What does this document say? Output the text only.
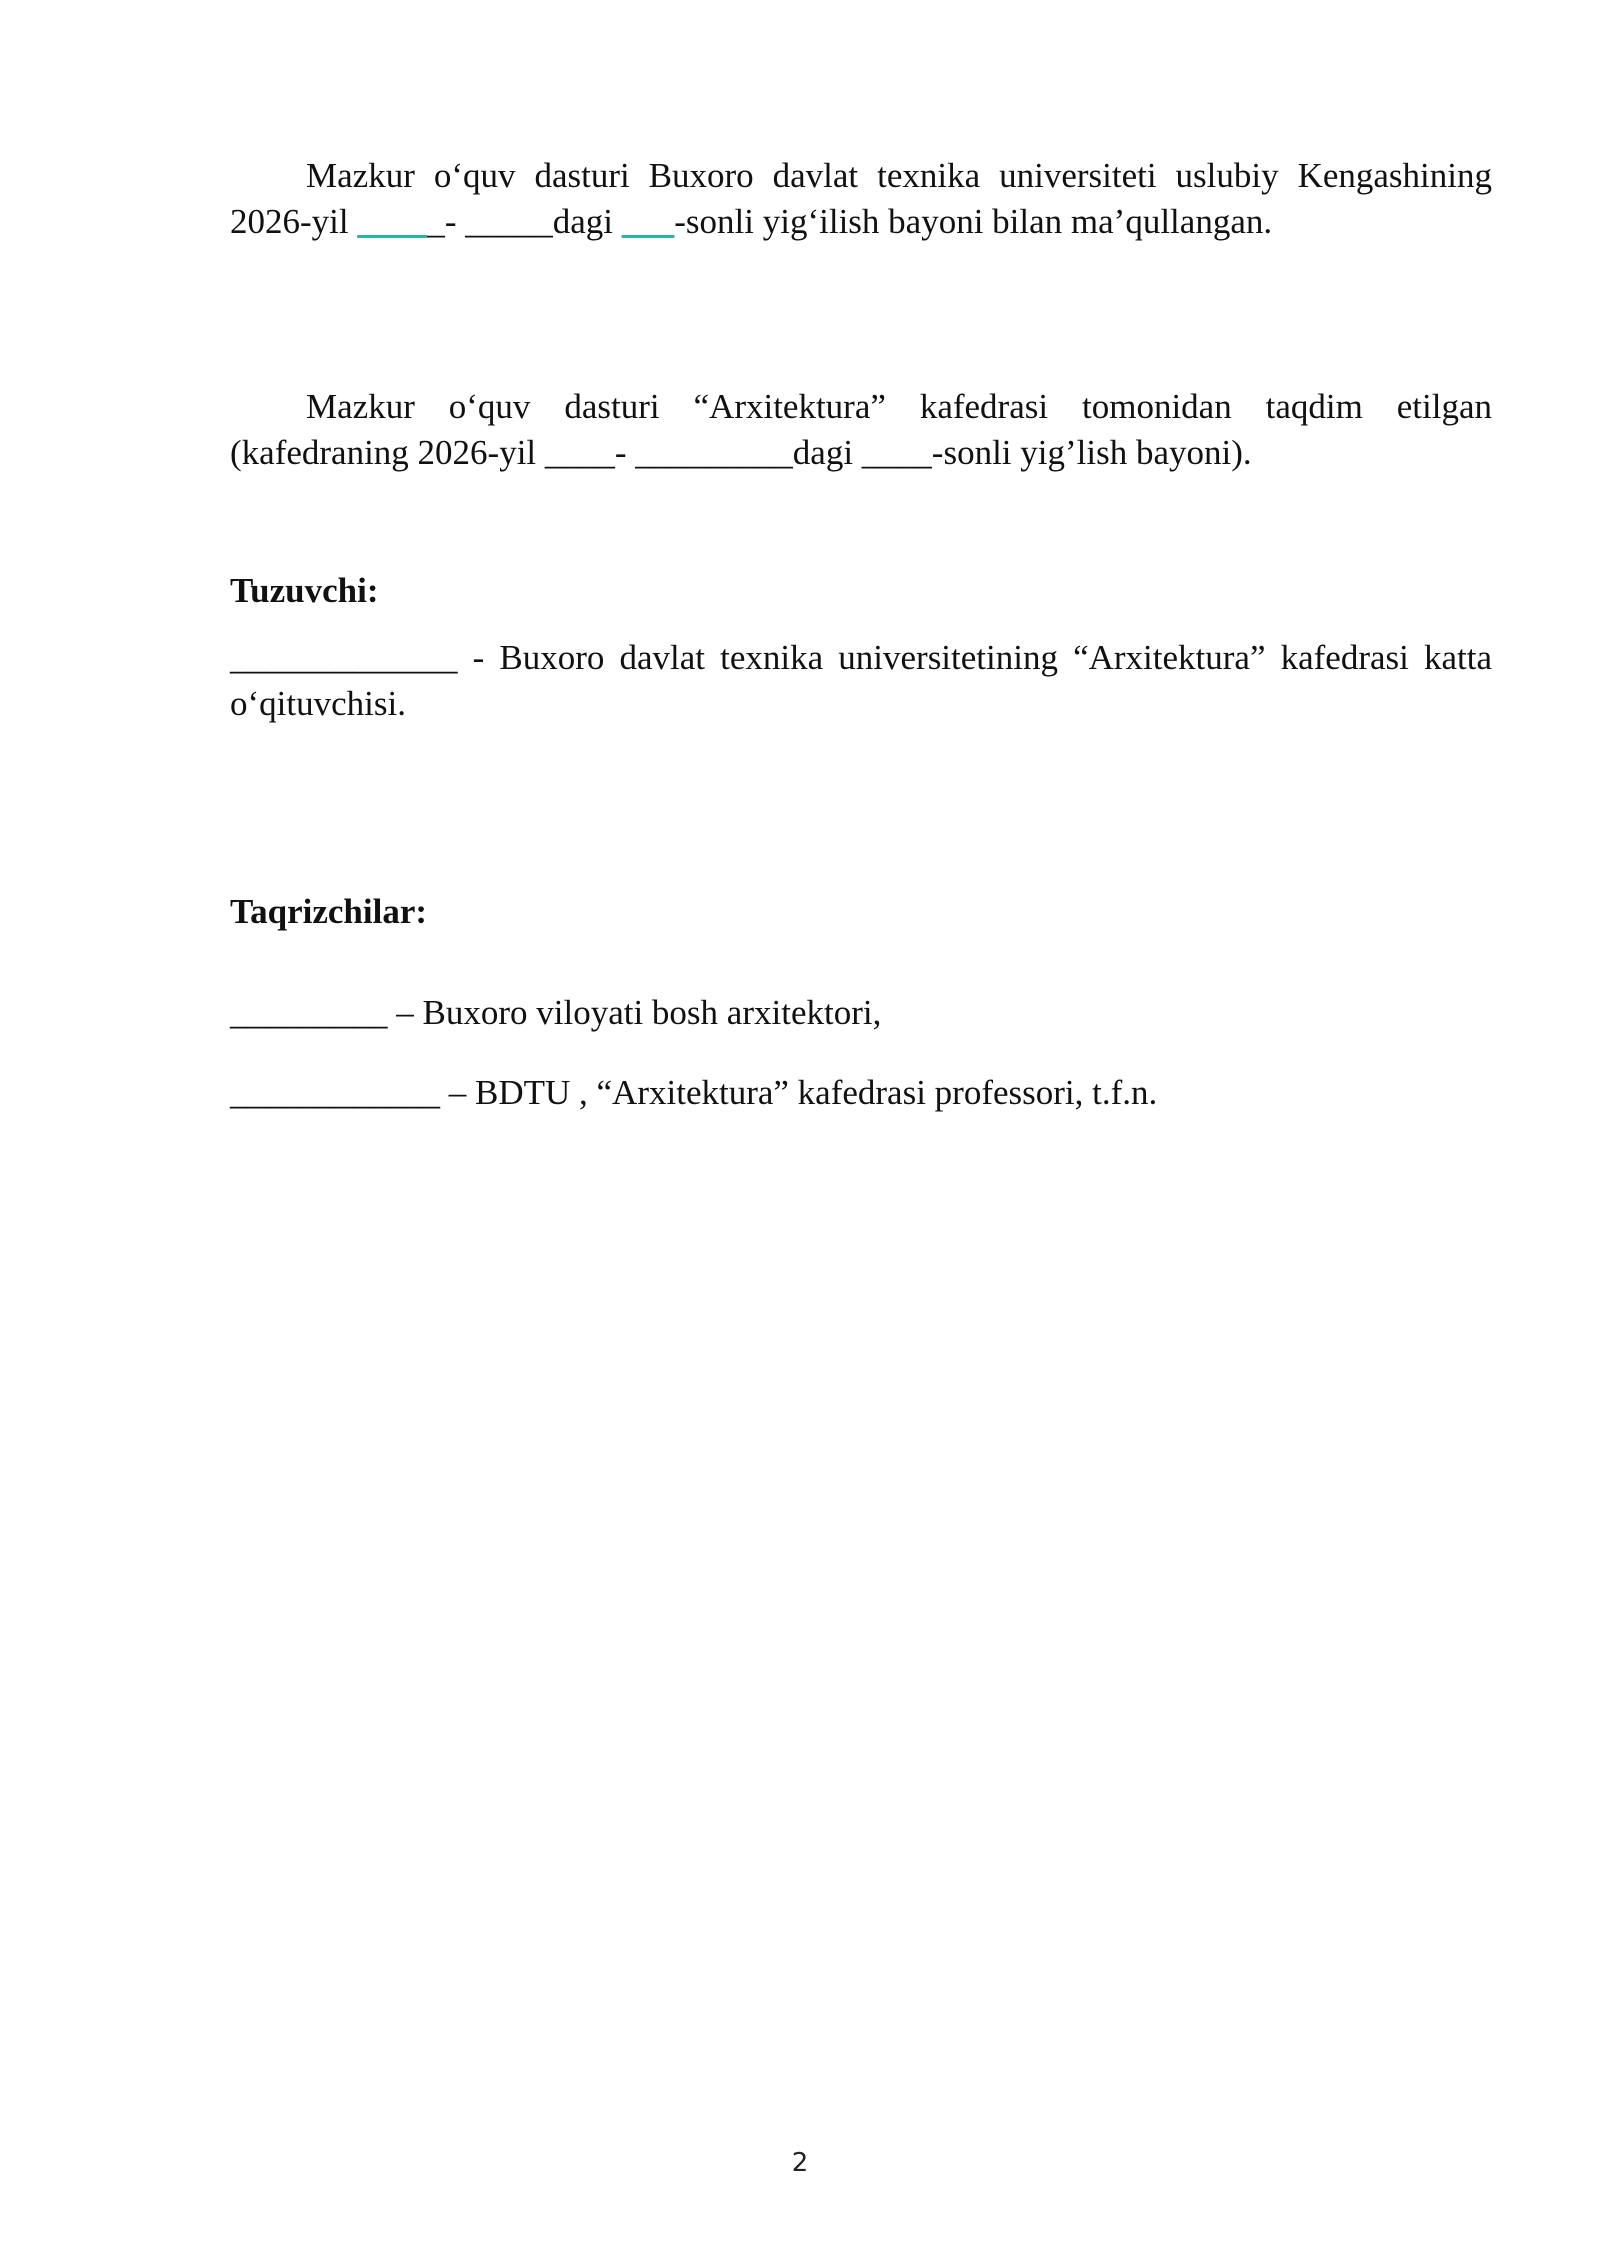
Mazkur o‘quv dasturi Buxoro davlat texnika universiteti uslubiy Kengashining 2026-yil _____- _____dagi ___-sonli yig‘ilish bayoni bilan ma’qullangan.

Mazkur o‘quv dasturi “Arxitektura” kafedrasi tomonidan taqdim etilgan (kafedraning 2026-yil ____- _________dagi ____-sonli yig’lish bayoni).

Tuzuvchi:

_____________ - Buxoro davlat texnika universitetining “Arxitektura” kafedrasi katta o‘qituvchisi.

Taqrizchilar:

_________ – Buxoro viloyati bosh arxitektori,

____________ – BDTU , “Arxitektura” kafedrasi professori, t.f.n.

2
